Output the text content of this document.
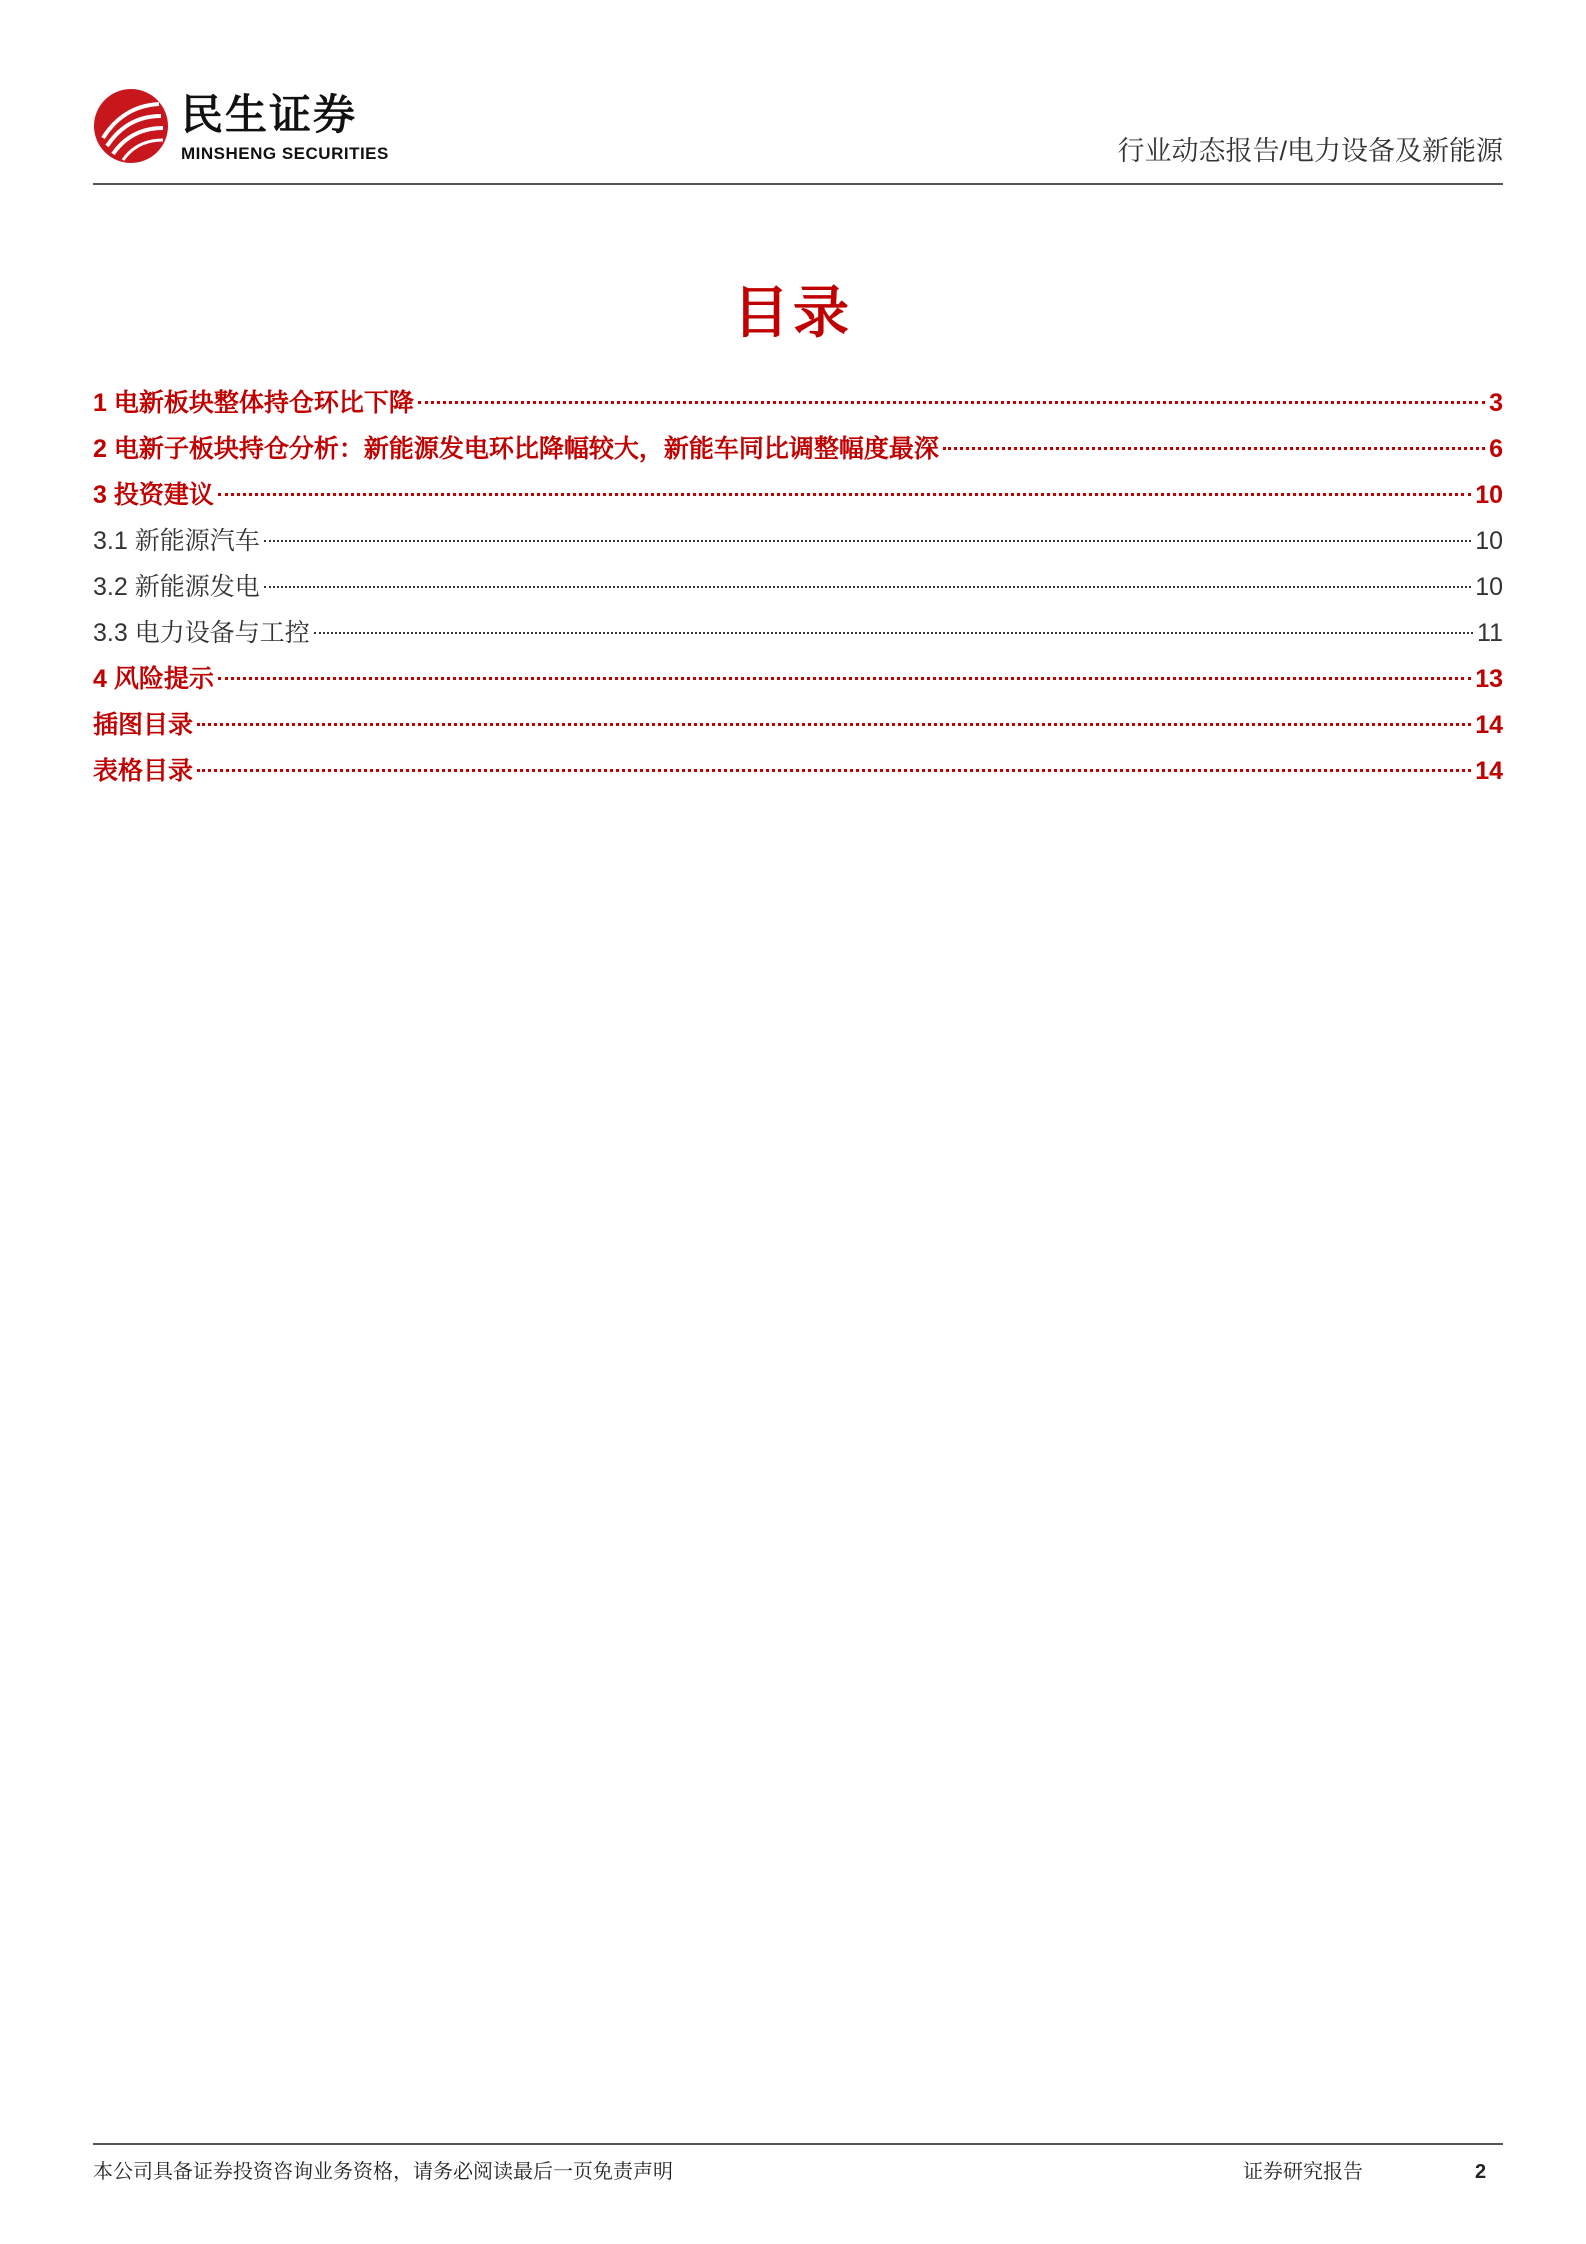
民生证券
MINSHENG SECURITIES	行业动态报告/电力设备及新能源
目录
1 电新板块整体持仓环比下降	3
2 电新子板块持仓分析：新能源发电环比降幅较大，新能车同比调整幅度最深	6
3 投资建议	10
3.1 新能源汽车	10
3.2 新能源发电	10
3.3 电力设备与工控	11
4 风险提示	13
插图目录	14
表格目录	14
本公司具备证券投资咨询业务资格，请务必阅读最后一页免责声明	证券研究报告	2
